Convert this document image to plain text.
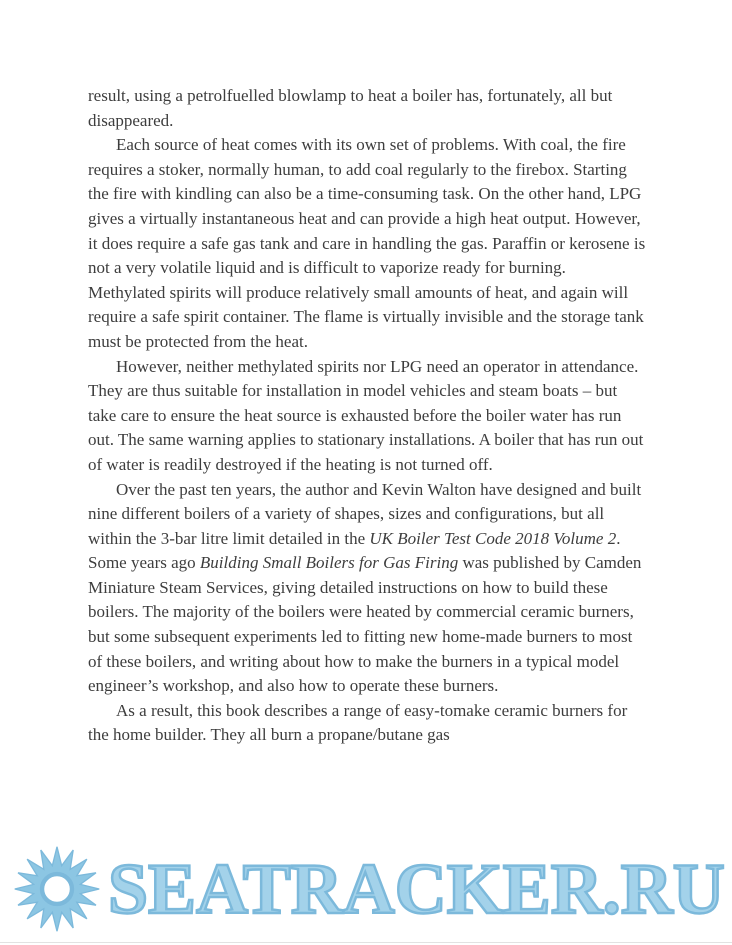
result, using a petrolfuelled blowlamp to heat a boiler has, fortunately, all but disappeared.

Each source of heat comes with its own set of problems. With coal, the fire requires a stoker, normally human, to add coal regularly to the firebox. Starting the fire with kindling can also be a time-consuming task. On the other hand, LPG gives a virtually instantaneous heat and can provide a high heat output. However, it does require a safe gas tank and care in handling the gas. Paraffin or kerosene is not a very volatile liquid and is difficult to vaporize ready for burning. Methylated spirits will produce relatively small amounts of heat, and again will require a safe spirit container. The flame is virtually invisible and the storage tank must be protected from the heat.

However, neither methylated spirits nor LPG need an operator in attendance. They are thus suitable for installation in model vehicles and steam boats – but take care to ensure the heat source is exhausted before the boiler water has run out. The same warning applies to stationary installations. A boiler that has run out of water is readily destroyed if the heating is not turned off.

Over the past ten years, the author and Kevin Walton have designed and built nine different boilers of a variety of shapes, sizes and configurations, but all within the 3-bar litre limit detailed in the UK Boiler Test Code 2018 Volume 2. Some years ago Building Small Boilers for Gas Firing was published by Camden Miniature Steam Services, giving detailed instructions on how to build these boilers. The majority of the boilers were heated by commercial ceramic burners, but some subsequent experiments led to fitting new home-made burners to most of these boilers, and writing about how to make the burners in a typical model engineer’s workshop, and also how to operate these burners.

As a result, this book describes a range of easy-tomake ceramic burners for the home builder. They all burn a propane/butane gas

SEATRACKER.RU
